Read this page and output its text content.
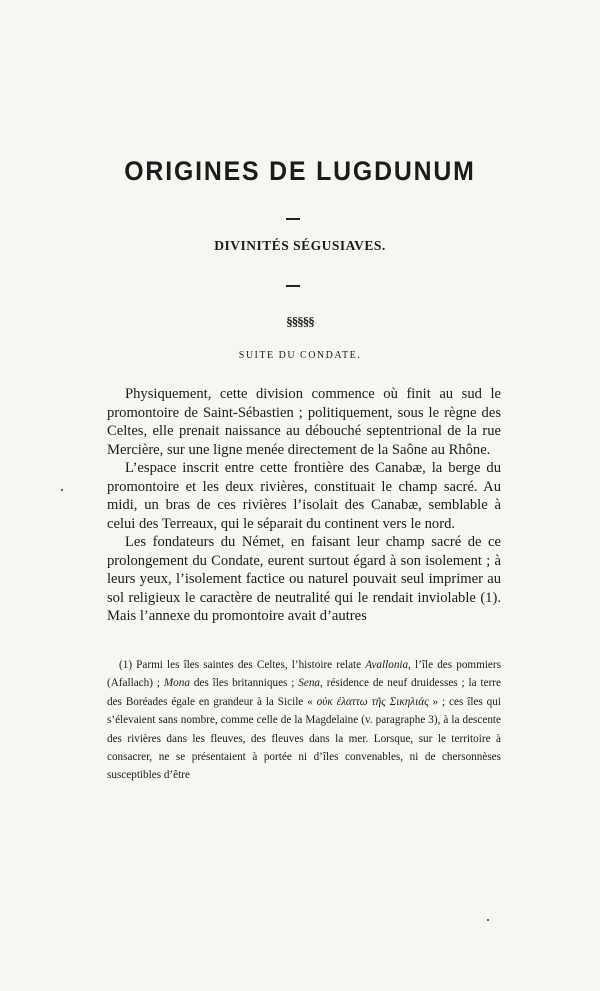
ORIGINES DE LUGDUNUM
DIVINITÉS SÉGUSIAVES.
§§§§§
SUITE DU CONDATE.

Physiquement, cette division commence où finit au sud le promontoire de Saint-Sébastien ; politiquement, sous le règne des Celtes, elle prenait naissance au débouché septentrional de la rue Mercière, sur une ligne menée directement de la Saône au Rhône.

L’espace inscrit entre cette frontière des Canabæ, la berge du promontoire et les deux rivières, constituait le champ sacré. Au midi, un bras de ces rivières l’isolait des Canabæ, semblable à celui des Terreaux, qui le séparait du continent vers le nord.

Les fondateurs du Német, en faisant leur champ sacré de ce prolongement du Condate, eurent surtout égard à son isolement ; à leurs yeux, l’isolement factice ou naturel pouvait seul imprimer au sol religieux le caractère de neutralité qui le rendait inviolable (1). Mais l’annexe du promontoire avait d’autres

(1) Parmi les îles saintes des Celtes, l’histoire relate Avallonia, l’île des pommiers (Afallach) ; Mona des îles britanniques ; Sena, résidence de neuf druidesses ; la terre des Boréades égale en grandeur à la Sicile « οὐκ ἐλαττω τῆς Σικηλιάς » ; ces îles qui s’élevaient sans nombre, comme celle de la Magdelaine (v. paragraphe 3), à la descente des rivières dans les fleuves, des fleuves dans la mer. Lorsque, sur le territoire à consacrer, ne se présentaient à portée ni d’îles convenables, ni de chersonnèses susceptibles d’être
